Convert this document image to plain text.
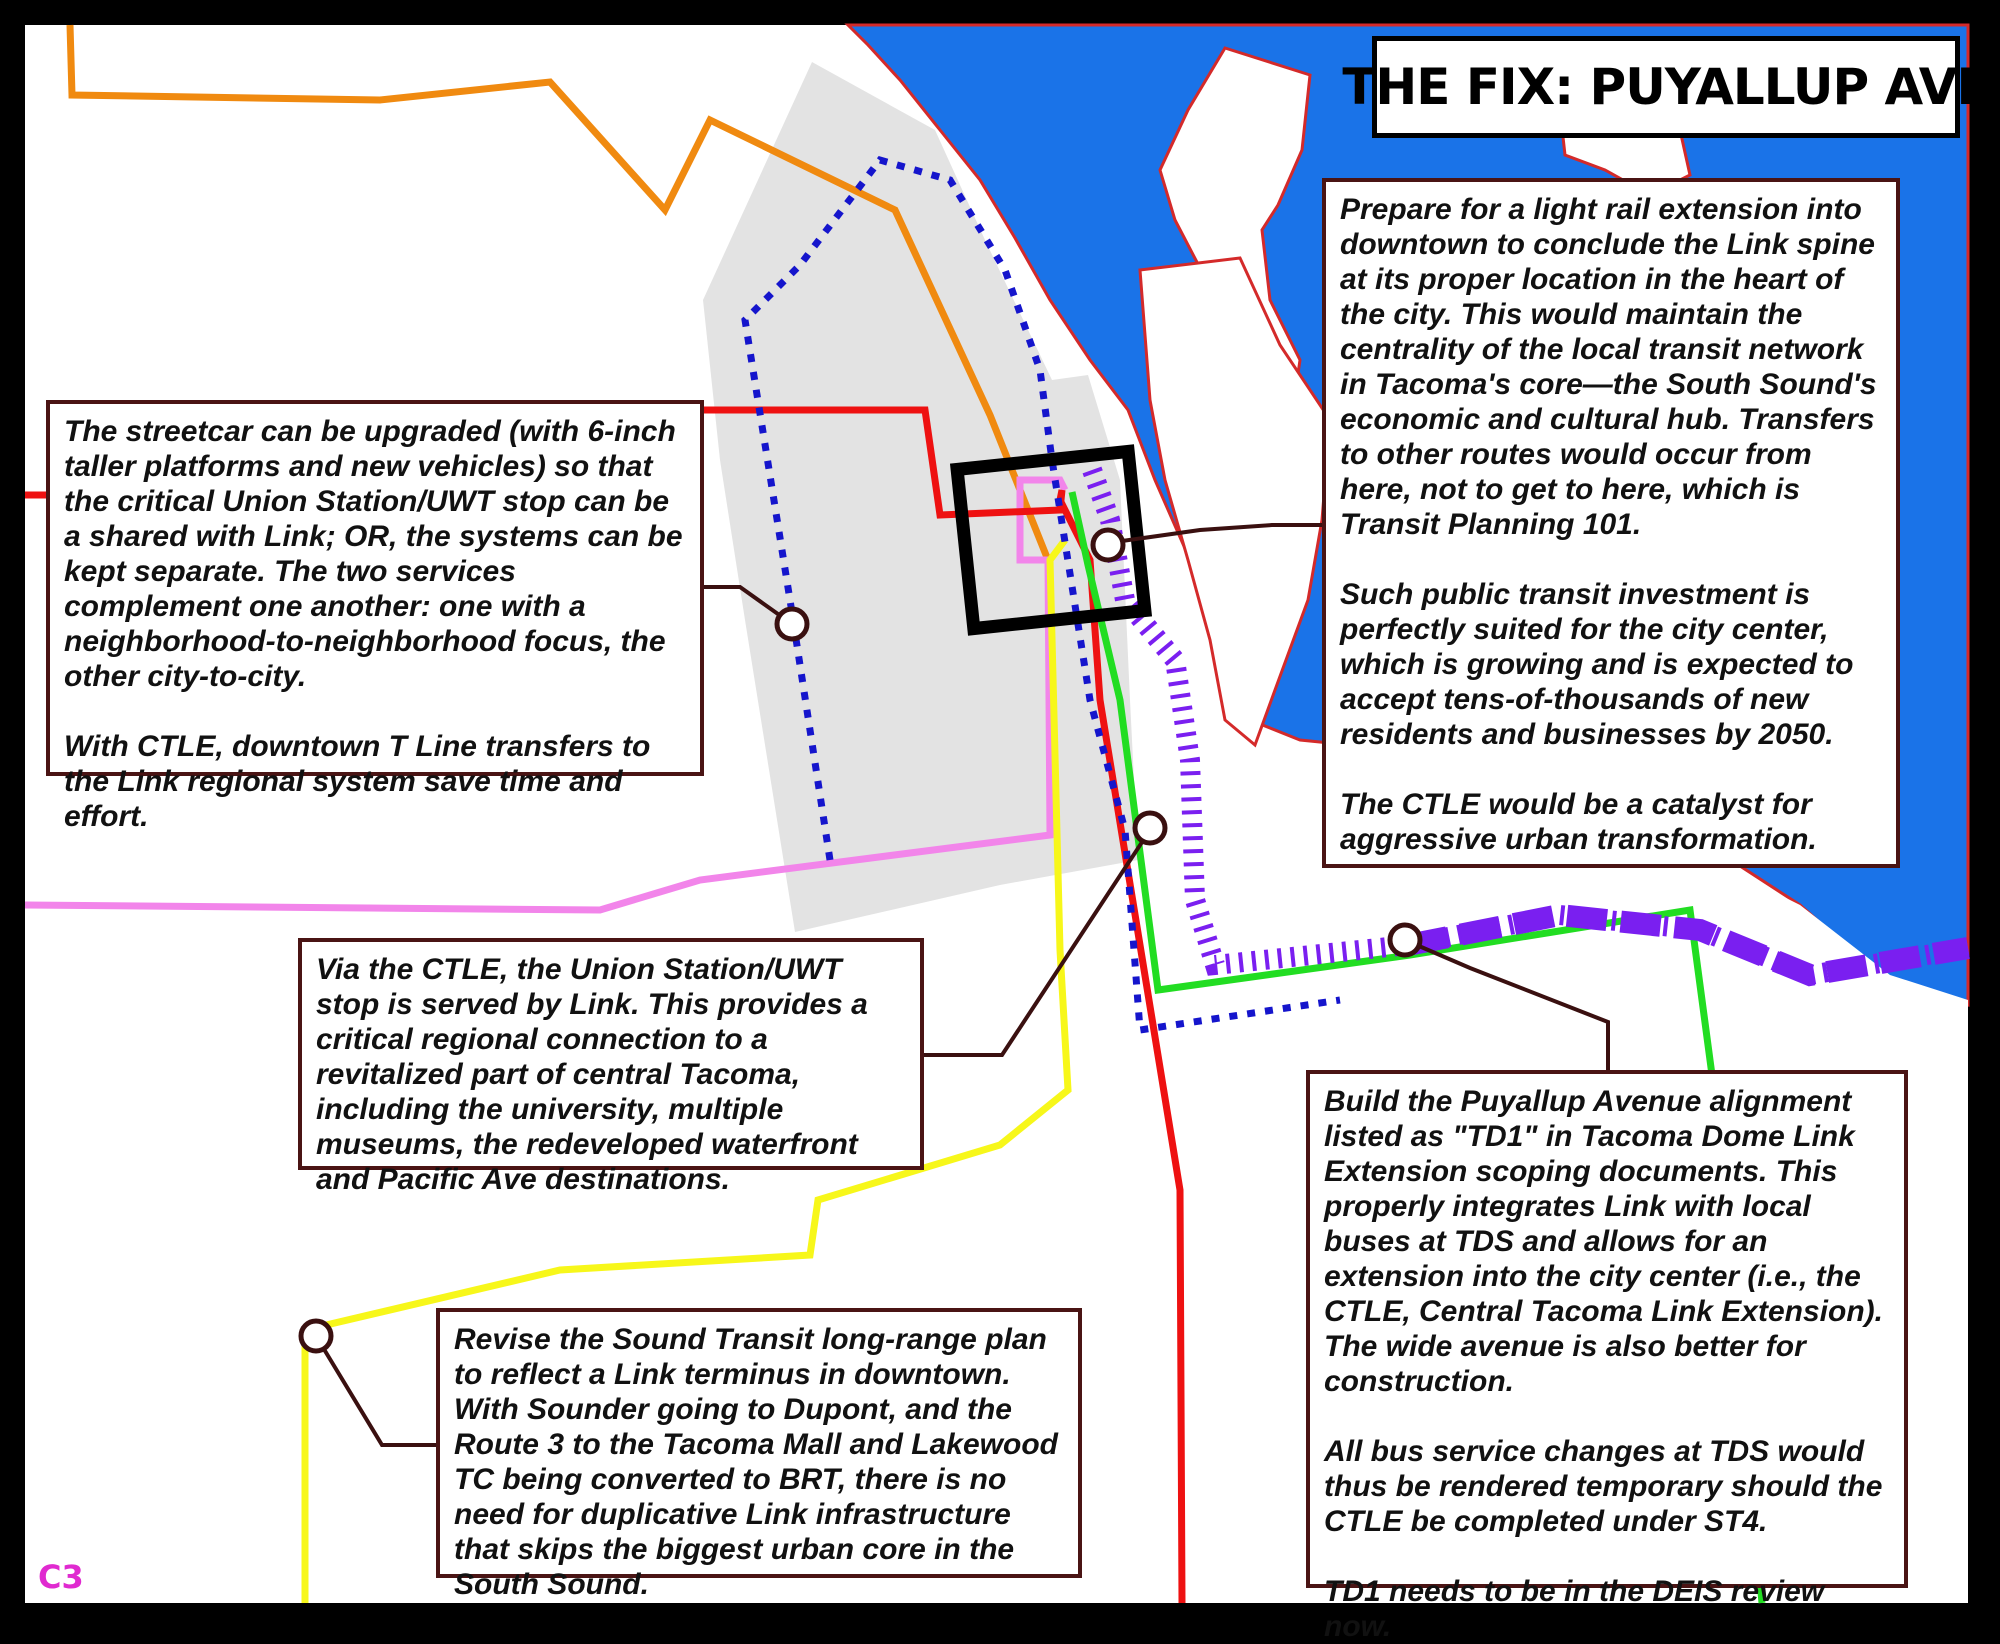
THE FIX: PUYALLUP AVE

The streetcar can be upgraded (with 6-inch taller platforms and new vehicles) so that the critical Union Station/UWT stop can be a shared with Link; OR, the systems can be kept separate. The two services complement one another: one with a neighborhood-to-neighborhood focus, the other city-to-city.

With CTLE, downtown T Line transfers to the Link regional system save time and effort.

Prepare for a light rail extension into downtown to conclude the Link spine at its proper location in the heart of the city. This would maintain the centrality of the local transit network in Tacoma's core—the South Sound's economic and cultural hub. Transfers to other routes would occur from here, not to get to here, which is Transit Planning 101.

Such public transit investment is perfectly suited for the city center, which is growing and is expected to accept tens-of-thousands of new residents and businesses by 2050.

The CTLE would be a catalyst for aggressive urban transformation.

Via the CTLE, the Union Station/UWT stop is served by Link. This provides a critical regional connection to a revitalized part of central Tacoma, including the university, multiple museums, the redeveloped waterfront and Pacific Ave destinations.

Build the Puyallup Avenue alignment listed as "TD1" in Tacoma Dome Link Extension scoping documents. This properly integrates Link with local buses at TDS and allows for an extension into the city center (i.e., the CTLE, Central Tacoma Link Extension). The wide avenue is also better for construction.

All bus service changes at TDS would thus be rendered temporary should the CTLE be completed under ST4.

TD1 needs to be in the DEIS review now.

Revise the Sound Transit long-range plan to reflect a Link terminus in downtown. With Sounder going to Dupont, and the Route 3 to the Tacoma Mall and Lakewood TC being converted to BRT, there is no need for duplicative Link infrastructure that skips the biggest urban core in the South Sound.

C3
